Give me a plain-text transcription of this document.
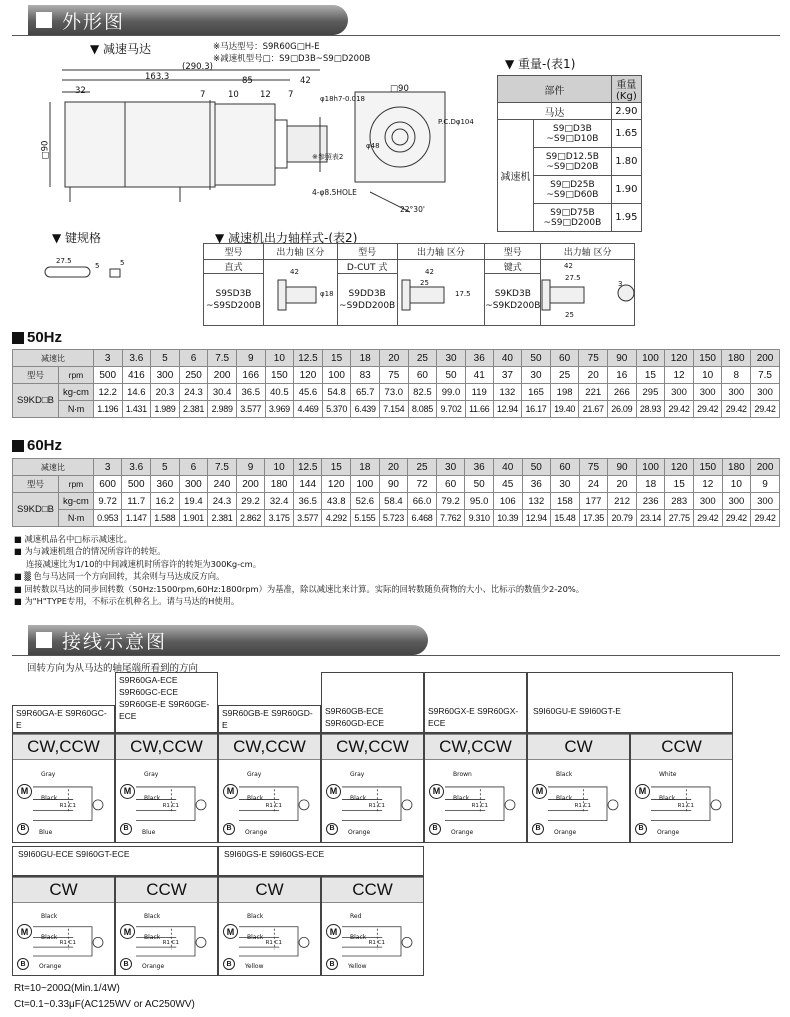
外形图
▼ 减速马达	※马达型号：S9R60G□H-E
※减速机型号□：S9□D3B~S9□D200B
(290.3)
163.3	85	42
32	7	10 12 7
□90
□90
φ18h7-0.018
P.C.Dφ104
4-φ8.5HOLE
22°30'
※参照表2
φ48
▼ 重量-(表1)
部件		重量(Kg)
马达		2.90
减速机	S9□D3B ~S9□D10B	1.65
	S9□D12.5B ~S9□D20B	1.80
	S9□D25B ~S9□D60B	1.90
	S9□D75B ~S9□D200B	1.95
▼ 键规格
27.5
5	5
▼ 减速机出力轴样式-(表2)
型号	出力轴 区分	型号	出力轴 区分	型号	出力轴 区分
直式		D-CUT 式		键式	
S9SD3B ~S9SD200B		S9DD3B ~S9DD200B		S9KD3B ~S9KD200B	
42	42
25
17.5
φ18
42
27.5
25
3
50Hz
减速比		3	3.6	5	6	7.5	9	10	12.5	15	18	20	25	30	36	40	50	60	75	90	100	120	150	180	200
型号	rpm	500	416	300	250	200	166	150	120	100	83	75	60	50	41	37	30	25	20	16	15	12	10	8	7.5
S9KD□B	kg-cm	12.2	14.6	20.3	24.3	30.4	36.5	40.5	45.6	54.8	65.7	73.0	82.5	99.0	119	132	165	198	221	266	295	300	300	300	300
	N·m	1.196	1.431	1.989	2.381	2.989	3.577	3.969	4.469	5.370	6.439	7.154	8.085	9.702	11.66	12.94	16.17	19.40	21.67	26.09	28.93	29.42	29.42	29.42	29.42
60Hz
减速比		3	3.6	5	6	7.5	9	10	12.5	15	18	20	25	30	36	40	50	60	75	90	100	120	150	180	200
型号	rpm	600	500	360	300	240	200	180	144	120	100	90	72	60	50	45	36	30	24	20	18	15	12	10	9
S9KD□B	kg-cm	9.72	11.7	16.2	19.4	24.3	29.2	32.4	36.5	43.8	52.6	58.4	66.0	79.2	95.0	106	132	158	177	212	236	283	300	300	300
	N·m	0.953	1.147	1.588	1.901	2.381	2.862	3.175	3.577	4.292	5.155	5.723	6.468	7.762	9.310	10.39	12.94	15.48	17.35	20.79	23.14	27.75	29.42	29.42	29.42
■ 减速机品名中□标示减速比。
■ 为与减速机组合的情况所容许的转矩。
连接减速比为1/10的中间减速机时所容许的转矩为300Kg-cm。
■ ▒ 色与马达同一个方向回转，其余则与马达成反方向。
■ 回转数以马达的同步回转数（50Hz:1500rpm,60Hz:1800rpm）为基准，除以减速比来计算。实际的回转数随负荷物的大小、比标示的数值少2-20%。
■ 为"H"TYPE专用，不标示在机种名上。请与马达的H使用。
接线示意图
回转方向为从马达的轴尾端所看到的方向
S9R60GA-E S9R60GC-E
S9R60GA-ECE S9R60GC-ECE S9R60GE-E S9R60GE-ECE	S9R60GB-E S9R60GD-E
S9R60GB-ECE S9R60GD-ECE
S9R60GX-E S9R60GX-ECE
S9I60GU-E S9I60GT-E
CW,CCW
M
B
Gray
Black
Blue
R1 C1
CW,CCW
M
B
Gray
Black
Blue
R1 C1
CW,CCW
M
B
Gray
Black
Orange
R1 C1
CW,CCW
M
B
Gray
Black
Orange
R1 C1
CW,CCW
M
B
Brown
Black
Orange
R1 C1
CW
M
B
Black
Black
Orange
R1 C1
CCW
M
B
White
Black
Orange
R1 C1
S9I60GU-ECE S9I60GT-ECE	S9I60GS-E S9I60GS-ECE
CW
M
B
Black
Black
Orange
R1 C1
CCW
M
B
Black
Black
Orange
R1 C1
CW
M
B
Black
Black
Yellow
R1 C1
CCW
M
B
Red
Black
Yellow
R1 C1
Rt=10~200Ω(Min.1/4W)
Ct=0.1~0.33μF(AC125WV or AC250WV)
